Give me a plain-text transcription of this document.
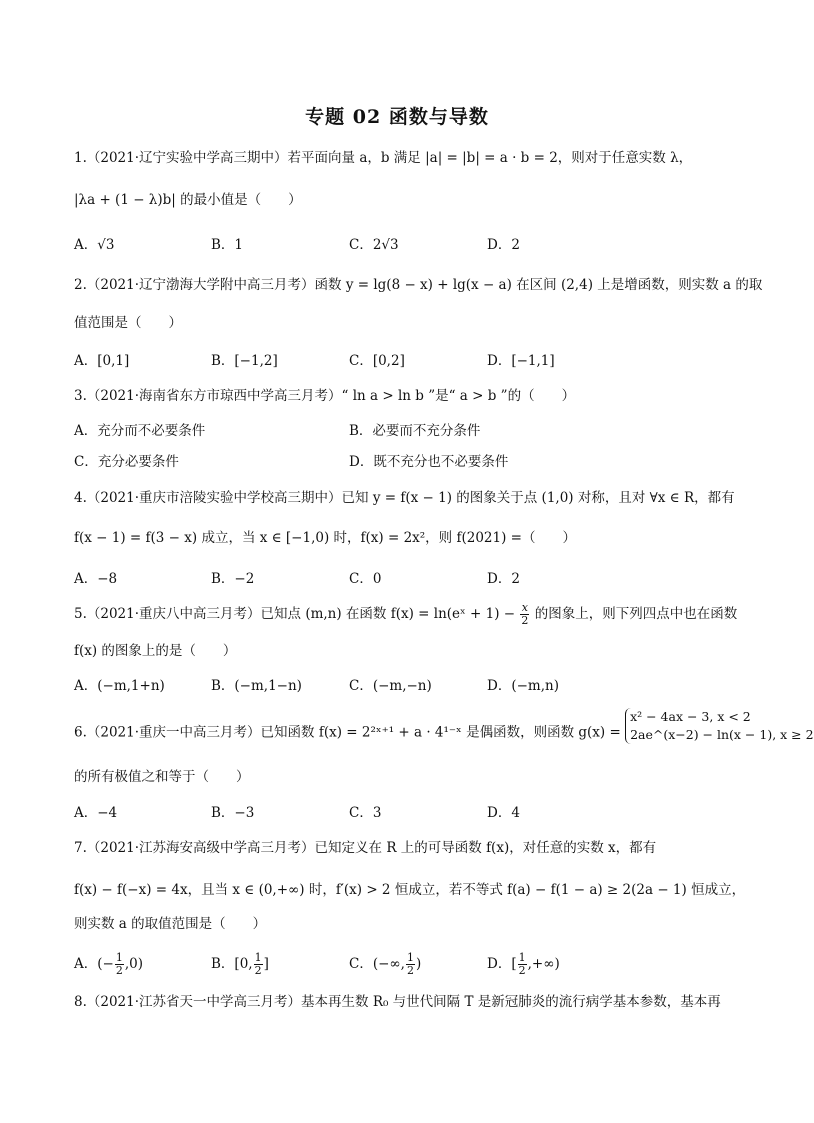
专题 02 函数与导数
1.（2021·辽宁实验中学高三期中）若平面向量 a，b 满足 |a| = |b| = a · b = 2，则对于任意实数 λ，
|λa + (1 − λ)b| 的最小值是（　　）
A．√3	B．1	C．2√3	D．2
2.（2021·辽宁渤海大学附中高三月考）函数 y = lg(8 − x) + lg(x − a) 在区间 (2,4) 上是增函数，则实数 a 的取
值范围是（　　）
A．[0,1]	B．[−1,2]	C．[0,2]	D．[−1,1]
3.（2021·海南省东方市琼西中学高三月考）“ ln a > ln b ”是“ a > b ”的（　　）
A．充分而不必要条件	B．必要而不充分条件
C．充分必要条件	D．既不充分也不必要条件
4.（2021·重庆市涪陵实验中学校高三期中）已知 y = f(x − 1) 的图象关于点 (1,0) 对称，且对 ∀x ∈ R，都有
f(x − 1) = f(3 − x) 成立，当 x ∈ [−1,0) 时，f(x) = 2x²，则 f(2021) =（　　）
A．−8	B．−2	C．0	D．2
5.（2021·重庆八中高三月考）已知点 (m,n) 在函数 f(x) = ln(eˣ + $1) - \frac{x}{2}$ 的图象上，则下列四点中也在函数
f(x) 的图象上的是（　　）
A．(−m,1+n)	B．(−m,1−n)	C．(−m,−n)	D．(−m,n)
6.（2021·重庆一中高三月考）已知函数 f(x) = 2²ˣ⁺¹ + a · 4¹⁻ˣ 是偶函数，则函数 g(x) =
x² − 4ax − 3, x < 2
2ae^(x−2) − ln(x − 1), x ≥ 2
的所有极值之和等于（　　）
A．−4	B．−3	C．3	D．4
7.（2021·江苏海安高级中学高三月考）已知定义在 R 上的可导函数 f(x)，对任意的实数 x，都有
f(x) − f(−x) = 4x，且当 x ∈ (0,+∞) 时，f′(x) > 2 恒成立，若不等式 f(a) − f(1 − a) ≥ 2(2a − 1) 恒成立，
则实数 a 的取值范围是（　　）
A．(− $\frac{1}{2} ,0$)	B．[0, $\frac{1}{2}$ ]	C．(−∞, $\frac{1}{2}$ )	D．[ $\frac{1}{2}$ ,+∞)
8.（2021·江苏省天一中学高三月考）基本再生数 R₀ 与世代间隔 T 是新冠肺炎的流行病学基本参数，基本再
